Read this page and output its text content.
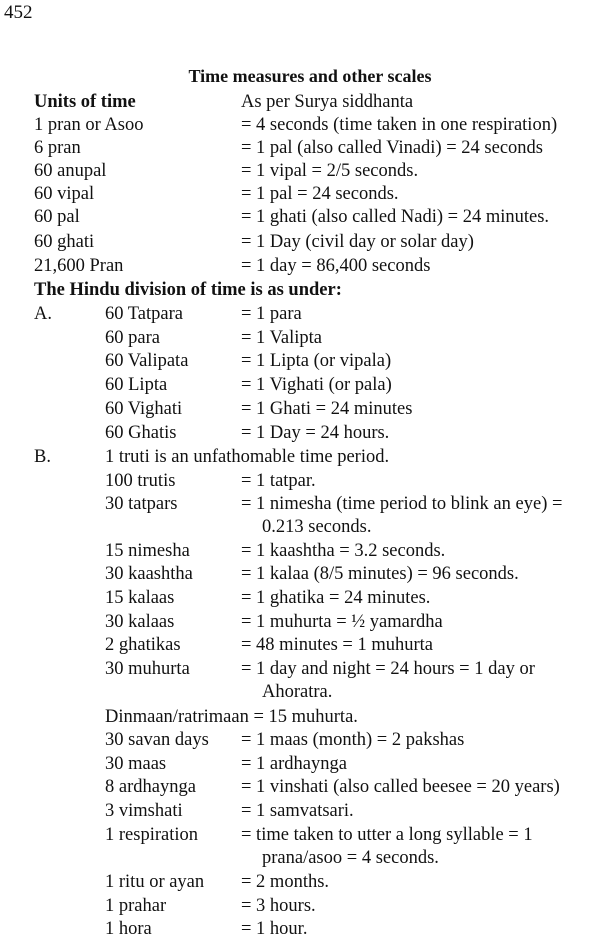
452
Time measures and other scales
Units of time	As per Surya siddhanta
1 pran or Asoo	= 4 seconds (time taken in one respiration)
6 pran	= 1 pal (also called Vinadi) = 24 seconds
60 anupal	= 1 vipal = 2/5 seconds.
60 vipal	= 1 pal = 24 seconds.
60 pal	= 1 ghati (also called Nadi) = 24 minutes.
60 ghati	= 1 Day (civil day or solar day)
21,600 Pran	= 1 day = 86,400 seconds
The Hindu division of time is as under:
A.	60 Tatpara	= 1 para
60 para	= 1 Valipta
60 Valipata	= 1 Lipta (or vipala)
60 Lipta	= 1 Vighati (or pala)
60 Vighati	= 1 Ghati = 24 minutes
60 Ghatis	= 1 Day = 24 hours.
B.	1 truti is an unfathomable time period.
100 trutis	= 1 tatpar.
30 tatpars	= 1 nimesha (time period to blink an eye) =
0.213 seconds.
15 nimesha	= 1 kaashtha = 3.2 seconds.
30 kaashtha	= 1 kalaa (8/5 minutes) = 96 seconds.
15 kalaas	= 1 ghatika = 24 minutes.
30 kalaas	= 1 muhurta = ½ yamardha
2 ghatikas	= 48 minutes = 1 muhurta
30 muhurta	= 1 day and night = 24 hours = 1 day or
Ahoratra.
Dinmaan/ratrimaan = 15 muhurta.
30 savan days = 1 maas (month) = 2 pakshas
30 maas	= 1 ardhaynga
8 ardhaynga = 1 vinshati (also called beesee = 20 years)
3 vimshati	= 1 samvatsari.
1 respiration = time taken to utter a long syllable = 1
prana/asoo = 4 seconds.
1 ritu or ayan = 2 months.
1 prahar	= 3 hours.
1 hora	= 1 hour.
